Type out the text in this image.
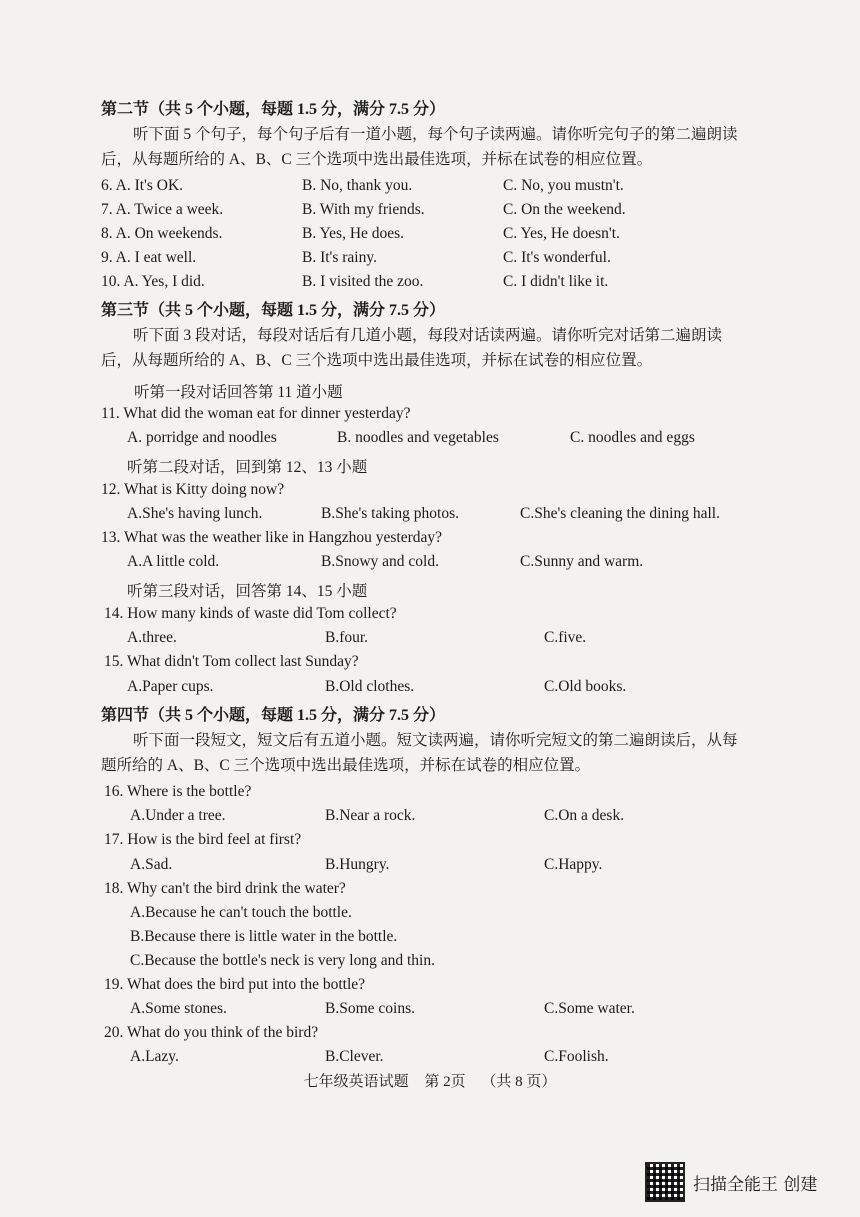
第二节（共 5 个小题，每题 1.5 分，满分 7.5 分）
听下面 5 个句子，每个句子后有一道小题，每个句子读两遍。请你听完句子的第二遍朗读后，从每题所给的 A、B、C 三个选项中选出最佳选项，并标在试卷的相应位置。
6. A. It's OK.	B. No, thank you.	C. No, you mustn't.
7. A. Twice a week.	B. With my friends.	C. On the weekend.
8. A. On weekends.	B. Yes, He does.	C. Yes, He doesn't.
9. A. I eat well.	B. It's rainy.	C. It's wonderful.
10. A. Yes, I did.	B. I visited the zoo.	C. I didn't like it.
第三节（共 5 个小题，每题 1.5 分，满分 7.5 分）
听下面 3 段对话，每段对话后有几道小题，每段对话读两遍。请你听完对话第二遍朗读后，从每题所给的 A、B、C 三个选项中选出最佳选项，并标在试卷的相应位置。
听第一段对话回答第 11 道小题
11. What did the woman eat for dinner yesterday?
A. porridge and noodles	B. noodles and vegetables	C. noodles and eggs
听第二段对话，回到第 12、13 小题
12. What is Kitty doing now?
A.She's having lunch.	B.She's taking photos.	C.She's cleaning the dining hall.
13. What was the weather like in Hangzhou yesterday?
A.A little cold.	B.Snowy and cold.	C.Sunny and warm.
听第三段对话，回答第 14、15 小题
14. How many kinds of waste did Tom collect?
A.three.	B.four.	C.five.
15. What didn't Tom collect last Sunday?
A.Paper cups.	B.Old clothes.	C.Old books.
第四节（共 5 个小题，每题 1.5 分，满分 7.5 分）
听下面一段短文，短文后有五道小题。短文读两遍，请你听完短文的第二遍朗读后，从每题所给的 A、B、C 三个选项中选出最佳选项，并标在试卷的相应位置。
16. Where is the bottle?
A.Under a tree.	B.Near a rock.	C.On a desk.
17. How is the bird feel at first?
A.Sad.	B.Hungry.	C.Happy.
18. Why can't the bird drink the water?
A.Because he can't touch the bottle.
B.Because there is little water in the bottle.
C.Because the bottle's neck is very long and thin.
19. What does the bird put into the bottle?
A.Some stones.	B.Some coins.	C.Some water.
20. What do you think of the bird?
A.Lazy.	B.Clever.	C.Foolish.
七年级英语试题 第 2页 （共 8 页）
扫描全能王 创建
